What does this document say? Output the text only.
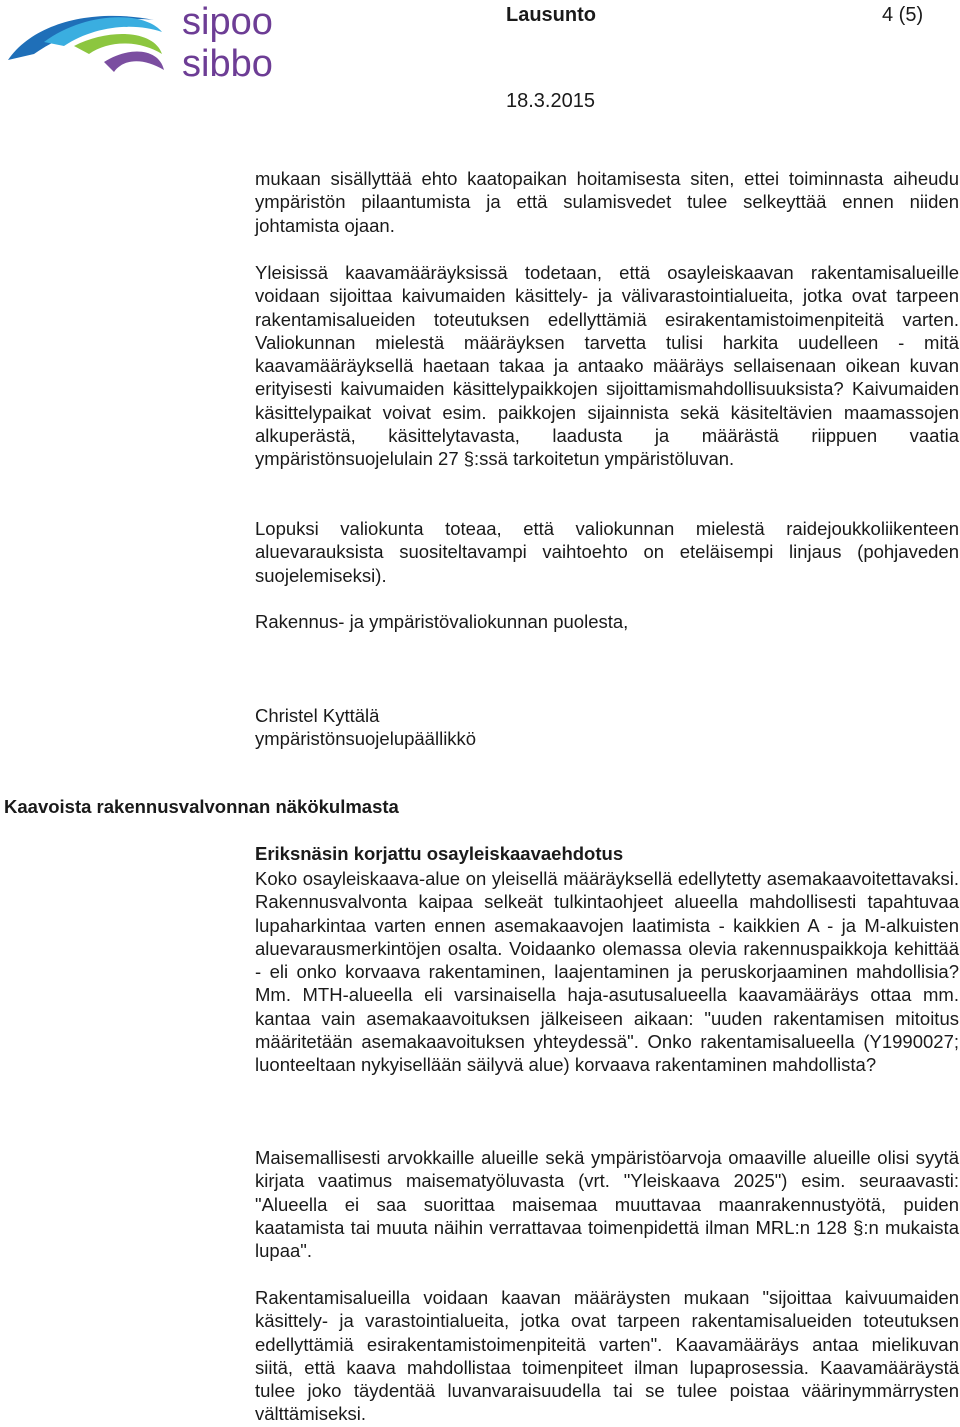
sipoo
sibbo
Lausunto	4 (5)
18.3.2015

mukaan sisällyttää ehto kaatopaikan hoitamisesta siten, ettei toiminnasta aiheudu ympäristön pilaantumista ja että sulamisvedet tulee selkeyttää ennen niiden johtamista ojaan.

Yleisissä kaavamääräyksissä todetaan, että osayleiskaavan rakentamisalueille voidaan sijoittaa kaivumaiden käsittely- ja välivarastointialueita, jotka ovat tarpeen rakentamisalueiden toteutuksen edellyttämiä esirakentamistoimenpiteitä varten. Valiokunnan mielestä määräyksen tarvetta tulisi harkita uudelleen - mitä kaavamääräyksellä haetaan takaa ja antaako määräys sellaisenaan oikean kuvan erityisesti kaivumaiden käsittelypaikkojen sijoittamismahdollisuuksista? Kaivumaiden käsittelypaikat voivat esim. paikkojen sijainnista sekä käsiteltävien maamassojen alkuperästä, käsittelytavasta, laadusta ja määrästä riippuen vaatia ympäristönsuojelulain 27 §:ssä tarkoitetun ympäristöluvan.

Lopuksi valiokunta toteaa, että valiokunnan mielestä raidejoukkoliikenteen aluevarauksista suositeltavampi vaihtoehto on eteläisempi linjaus (pohjaveden suojelemiseksi).

Rakennus- ja ympäristövaliokunnan puolesta,

Christel Kyttälä

ympäristönsuojelupäällikkö

Kaavoista rakennusvalvonnan näkökulmasta
Eriksnäsin korjattu osayleiskaavaehdotus

Koko osayleiskaava-alue on yleisellä määräyksellä edellytetty asemakaavoitettavaksi. Rakennusvalvonta kaipaa selkeät tulkintaohjeet alueella mahdollisesti tapahtuvaa lupaharkintaa varten ennen asemakaavojen laatimista - kaikkien A - ja M-alkuisten aluevarausmerkintöjen osalta. Voidaanko olemassa olevia rakennuspaikkoja kehittää - eli onko korvaava rakentaminen, laajentaminen ja peruskorjaaminen mahdollisia? Mm. MTH-alueella eli varsinaisella haja-asutusalueella kaavamääräys ottaa mm. kantaa vain asemakaavoituksen jälkeiseen aikaan: "uuden rakentamisen mitoitus määritetään asemakaavoituksen yhteydessä". Onko rakentamisalueella (Y1990027; luonteeltaan nykyisellään säilyvä alue) korvaava rakentaminen mahdollista?

Maisemallisesti arvokkaille alueille sekä ympäristöarvoja omaaville alueille olisi syytä kirjata vaatimus maisematyöluvasta (vrt. "Yleiskaava 2025") esim. seuraavasti: "Alueella ei saa suorittaa maisemaa muuttavaa maanrakennustyötä, puiden kaatamista tai muuta näihin verrattavaa toimenpidettä ilman MRL:n 128 §:n mukaista lupaa".

Rakentamisalueilla voidaan kaavan määräysten mukaan "sijoittaa kaivuumaiden käsittely- ja varastointialueita, jotka ovat tarpeen rakentamisalueiden toteutuksen edellyttämiä esirakentamistoimenpiteitä varten". Kaavamääräys antaa mielikuvan siitä, että kaava mahdollistaa toimenpiteet ilman lupaprosessia. Kaavamääräystä tulee joko täydentää luvanvaraisuudella tai se tulee poistaa väärinymmärrysten välttämiseksi.
